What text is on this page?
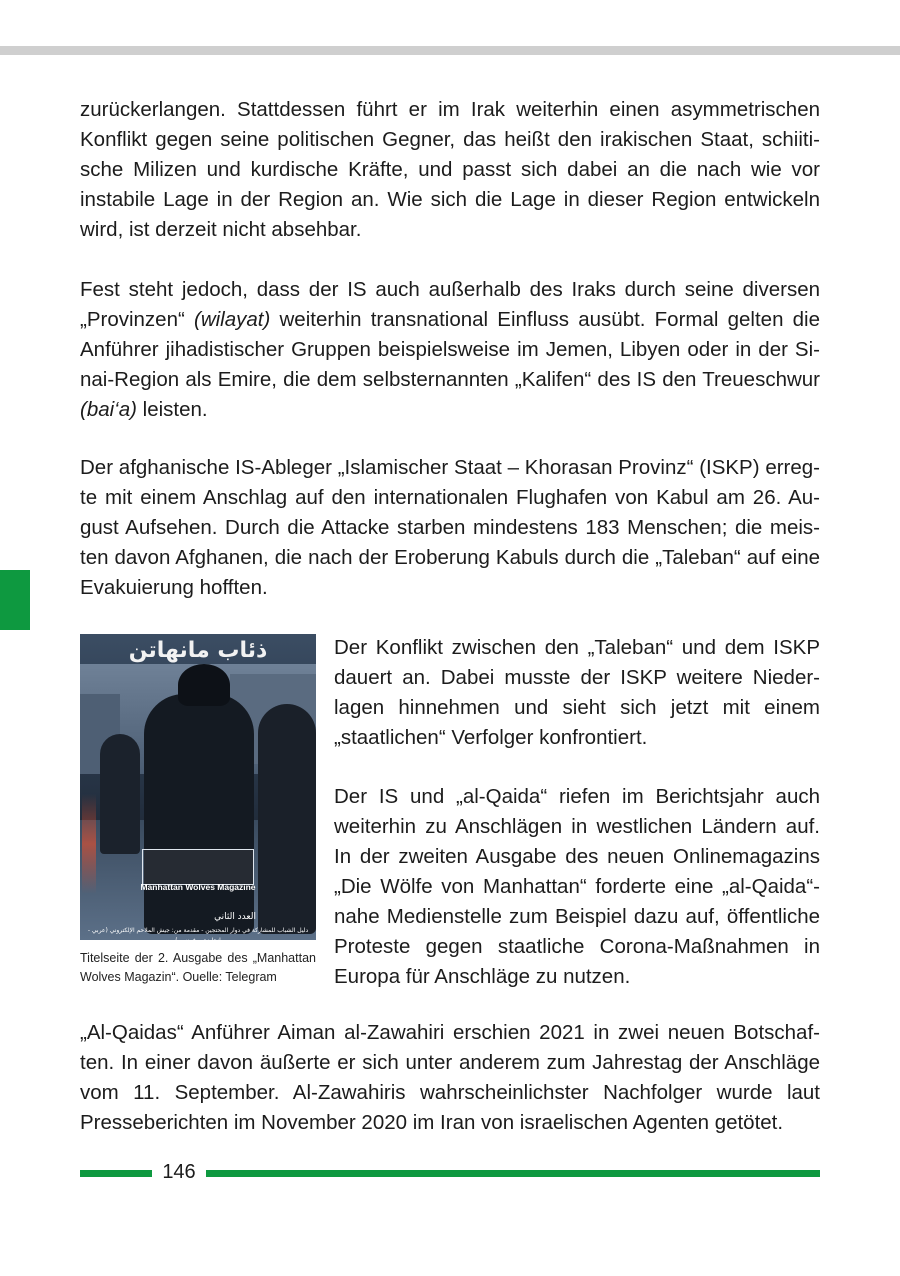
zurückerlangen. Stattdessen führt er im Irak weiterhin einen asymmetrischen Konflikt gegen seine politischen Gegner, das heißt den irakischen Staat, schiitische Milizen und kurdische Kräfte, und passt sich dabei an die nach wie vor instabile Lage in der Region an. Wie sich die Lage in dieser Region entwickeln wird, ist derzeit nicht absehbar.

Fest steht jedoch, dass der IS auch außerhalb des Iraks durch seine diversen „Provinzen“ (wilayat) weiterhin transnational Einfluss ausübt. Formal gelten die Anführer jihadistischer Gruppen beispielsweise im Jemen, Libyen oder in der Sinai-Region als Emire, die dem selbsternannten „Kalifen“ des IS den Treueschwur (bai‘a) leisten.

Der afghanische IS-Ableger „Islamischer Staat – Khorasan Provinz“ (ISKP) erregte mit einem Anschlag auf den internationalen Flughafen von Kabul am 26. August Aufsehen. Durch die Attacke starben mindestens 183 Menschen; die meisten davon Afghanen, die nach der Eroberung Kabuls durch die „Taleban“ auf eine Evakuierung hofften.

ﺫﺋﺎﺏ ﻣﺎﻧﻬﺎﺗﻦ
Manhattan Wolves Magazine
العدد الثاني
دليل الشباب للمشاركة في دوار المحتجين - مقدمة من: جيش الملاحم الإلكتروني (عربي - إنجليزي - فرنسي)

Titelseite der 2. Ausgabe des „Manhattan Wolves Magazin“. Ouelle: Telegram

Der Konflikt zwischen den „Taleban“ und dem ISKP dauert an. Dabei musste der ISKP weitere Niederlagen hinnehmen und sieht sich jetzt mit einem „staatlichen“ Verfolger konfrontiert.

Der IS und „al-Qaida“ riefen im Berichtsjahr auch weiterhin zu Anschlägen in westlichen Ländern auf. In der zweiten Ausgabe des neuen Onlinemagazins „Die Wölfe von Manhattan“ forderte eine „al-Qaida“-nahe Medienstelle zum Beispiel dazu auf, öffentliche Proteste gegen staatliche Corona-Maßnahmen in Europa für Anschläge zu nutzen.

„Al-Qaidas“ Anführer Aiman al-Zawahiri erschien 2021 in zwei neuen Botschaften. In einer davon äußerte er sich unter anderem zum Jahrestag der Anschläge vom 11. September. Al-Zawahiris wahrscheinlichster Nachfolger wurde laut Presseberichten im November 2020 im Iran von israelischen Agenten getötet.

146
